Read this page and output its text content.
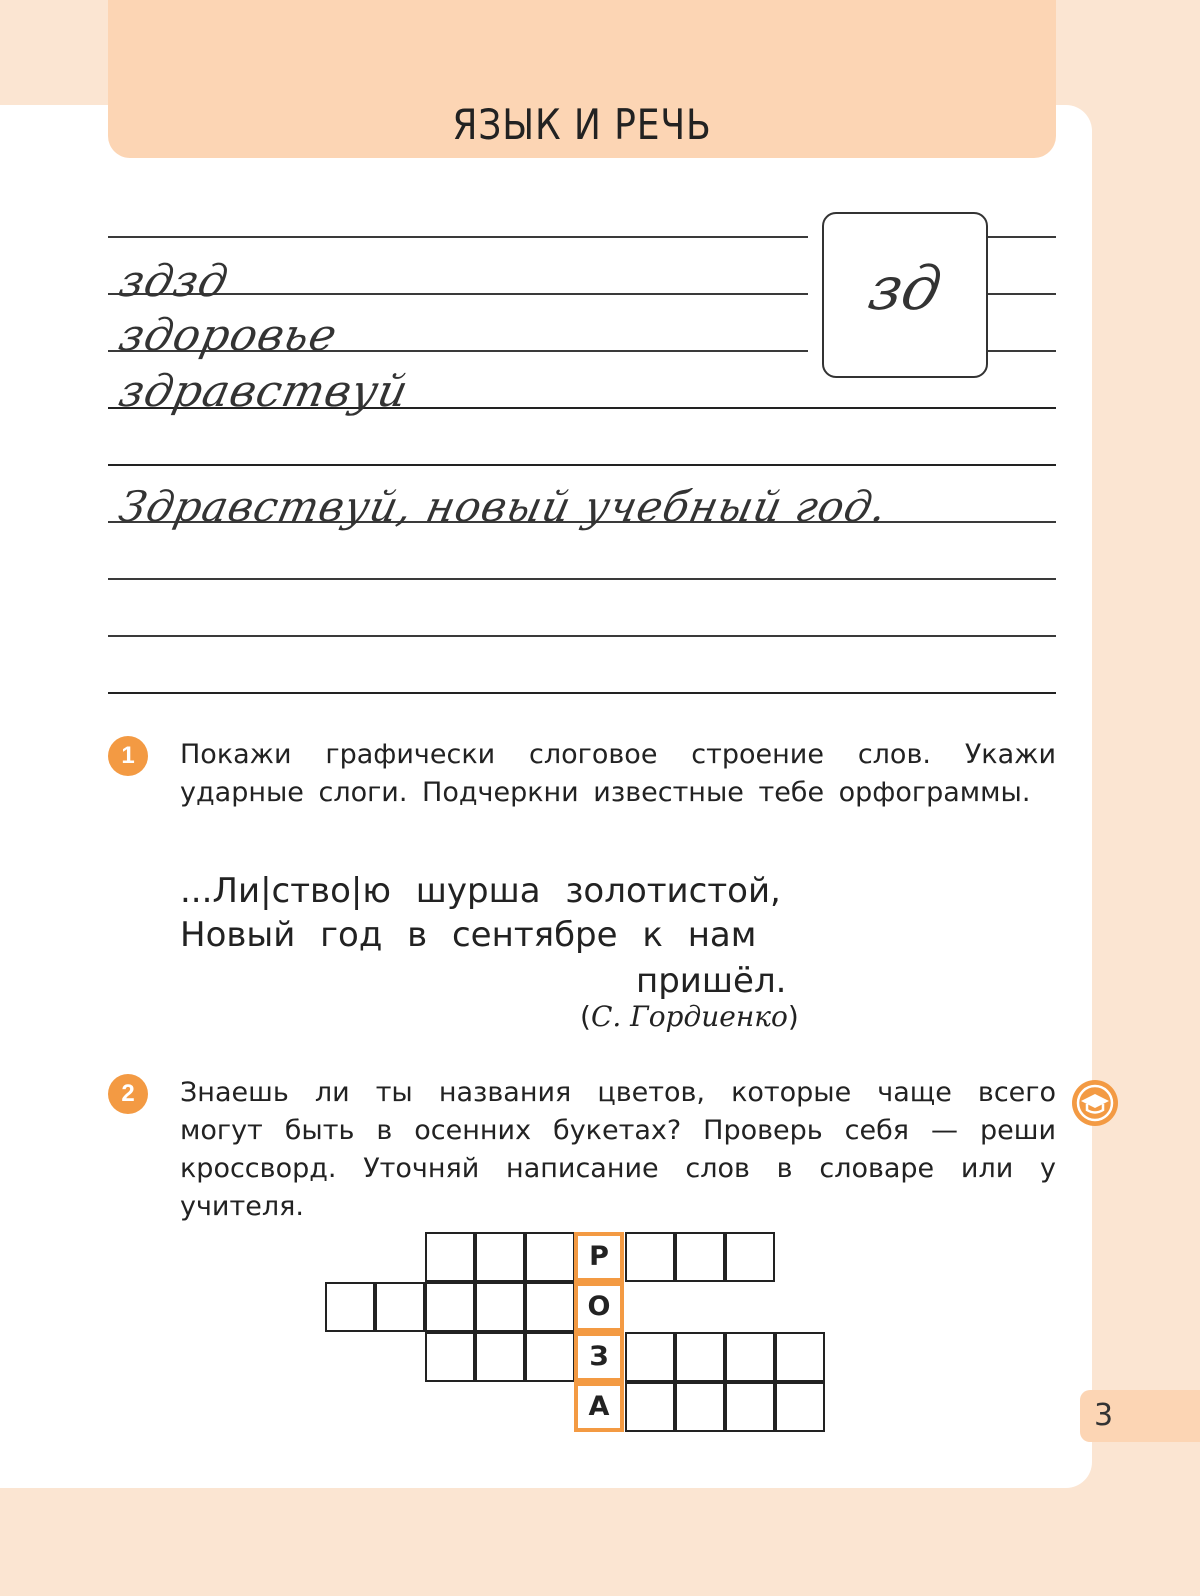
ЯЗЫК И РЕЧЬ
зд
здзд
здоровье
здравствуй
Здравствуй, новый учебный год.
1	Покажи графически слоговое строение слов. Укажи ударные слоги. Подчеркни известные тебе орфограммы.
...Ли|ство|ю шурша золотистой,
Новый год в сентябре к нам
пришёл.
(С. Гордиенко)
2	Знаешь ли ты названия цветов, которые чаще всего могут быть в осенних букетах? Проверь себя — реши кроссворд. Уточняй написание слов в словаре или у учителя.
Р
О
З
А	3
